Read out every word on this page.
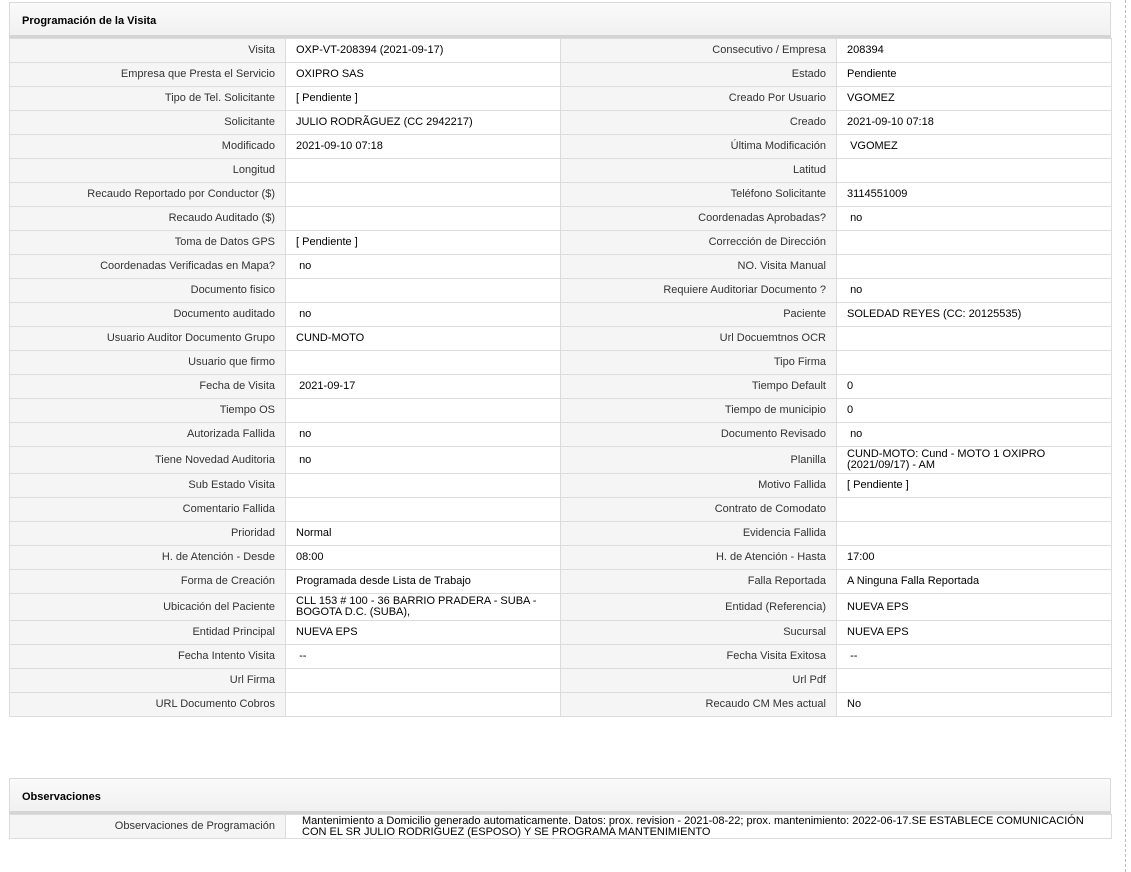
Programación de la Visita
Visita	OXP-VT-208394 (2021-09-17)	Consecutivo / Empresa	208394
Empresa que Presta el Servicio	OXIPRO SAS	Estado	Pendiente
Tipo de Tel. Solicitante	[ Pendiente ]	Creado Por Usuario	VGOMEZ
Solicitante	JULIO RODRÃGUEZ (CC 2942217)	Creado	2021-09-10 07:18
Modificado	2021-09-10 07:18	Última Modificación	VGOMEZ
Longitud		Latitud	
Recaudo Reportado por Conductor ($)		Teléfono Solicitante	3114551009
Recaudo Auditado ($)		Coordenadas Aprobadas?	no
Toma de Datos GPS	[ Pendiente ]	Corrección de Dirección	
Coordenadas Verificadas en Mapa?	no	NO. Visita Manual	
Documento fisico		Requiere Auditoriar Documento ?	no
Documento auditado	no	Paciente	SOLEDAD REYES (CC: 20125535)
Usuario Auditor Documento Grupo	CUND-MOTO	Url Docuemtnos OCR	
Usuario que firmo		Tipo Firma	
Fecha de Visita	2021-09-17	Tiempo Default	0
Tiempo OS		Tiempo de municipio	0
Autorizada Fallida	no	Documento Revisado	no
Tiene Novedad Auditoria	no	Planilla	CUND-MOTO: Cund - MOTO 1 OXIPRO (2021/09/17) - AM
Sub Estado Visita		Motivo Fallida	[ Pendiente ]
Comentario Fallida		Contrato de Comodato	
Prioridad	Normal	Evidencia Fallida	
H. de Atención - Desde	08:00	H. de Atención - Hasta	17:00
Forma de Creación	Programada desde Lista de Trabajo	Falla Reportada	A Ninguna Falla Reportada
Ubicación del Paciente	CLL 153 # 100 - 36 BARRIO PRADERA - SUBA - BOGOTA D.C. (SUBA),	Entidad (Referencia)	NUEVA EPS
Entidad Principal	NUEVA EPS	Sucursal	NUEVA EPS
Fecha Intento Visita	--	Fecha Visita Exitosa	--
Url Firma		Url Pdf	
URL Documento Cobros		Recaudo CM Mes actual	No
Observaciones
Observaciones de Programación	Mantenimiento a Domicilio generado automaticamente. Datos: prox. revision - 2021-08-22; prox. mantenimiento: 2022-06-17.SE ESTABLECE COMUNICACIÓN CON EL SR JULIO RODRIGUEZ (ESPOSO) Y SE PROGRAMA MANTENIMIENTO
